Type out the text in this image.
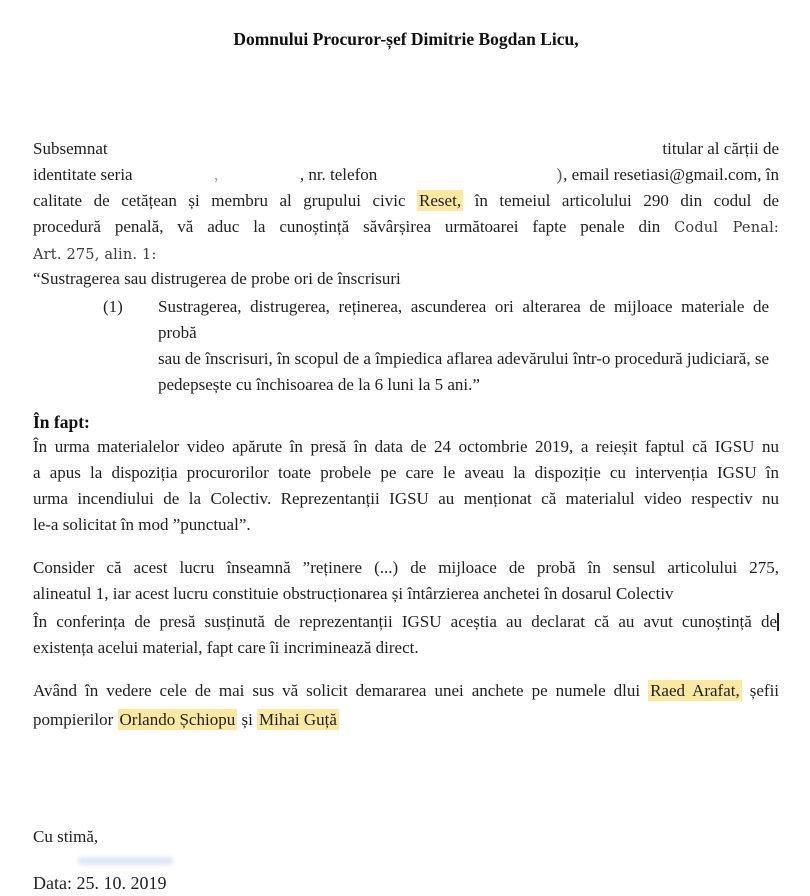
Domnului Procuror-șef Dimitrie Bogdan Licu,
Subsemnat	titular al cărții de
identitate seria	,	, nr. telefon	) , email resetiasi@gmail.com, în
calitate de cetățean și membru al grupului civic Reset, în temeiul articolului 290 din codul de
procedură penală, vă aduc la cunoștință săvârșirea următoarei fapte penale din Codul Penal:
Art. 275, alin. 1:
“Sustragerea sau distrugerea de probe ori de înscrisuri
(1) Sustragerea, distrugerea, reținerea, ascunderea ori alterarea de mijloace materiale de probă
sau de înscrisuri, în scopul de a împiedica aflarea adevărului într-o procedură judiciară, se
pedepsește cu închisoarea de la 6 luni la 5 ani.”
În fapt:
În urma materialelor video apărute în presă în data de 24 octombrie 2019, a reieșit faptul că IGSU nu
a apus la dispoziția procurorilor toate probele pe care le aveau la dispoziție cu intervenția IGSU în
urma incendiului de la Colectiv. Reprezentanții IGSU au menționat că materialul video respectiv nu
le-a solicitat în mod ”punctual”.
Consider că acest lucru înseamnă ”reținere (...) de mijloace de probă în sensul articolului 275,
alineatul 1, iar acest lucru constituie obstrucționarea și întârzierea anchetei în dosarul Colectiv
În conferința de presă susținută de reprezentanții IGSU aceștia au declarat că au avut cunoștință de
existența acelui material, fapt care îi incriminează direct.
Având în vedere cele de mai sus vă solicit demararea unei anchete pe numele dlui Raed Arafat, șefii
pompierilor Orlando Șchiopu și Mihai Guță
Cu stimă,
Data: 25. 10. 2019
